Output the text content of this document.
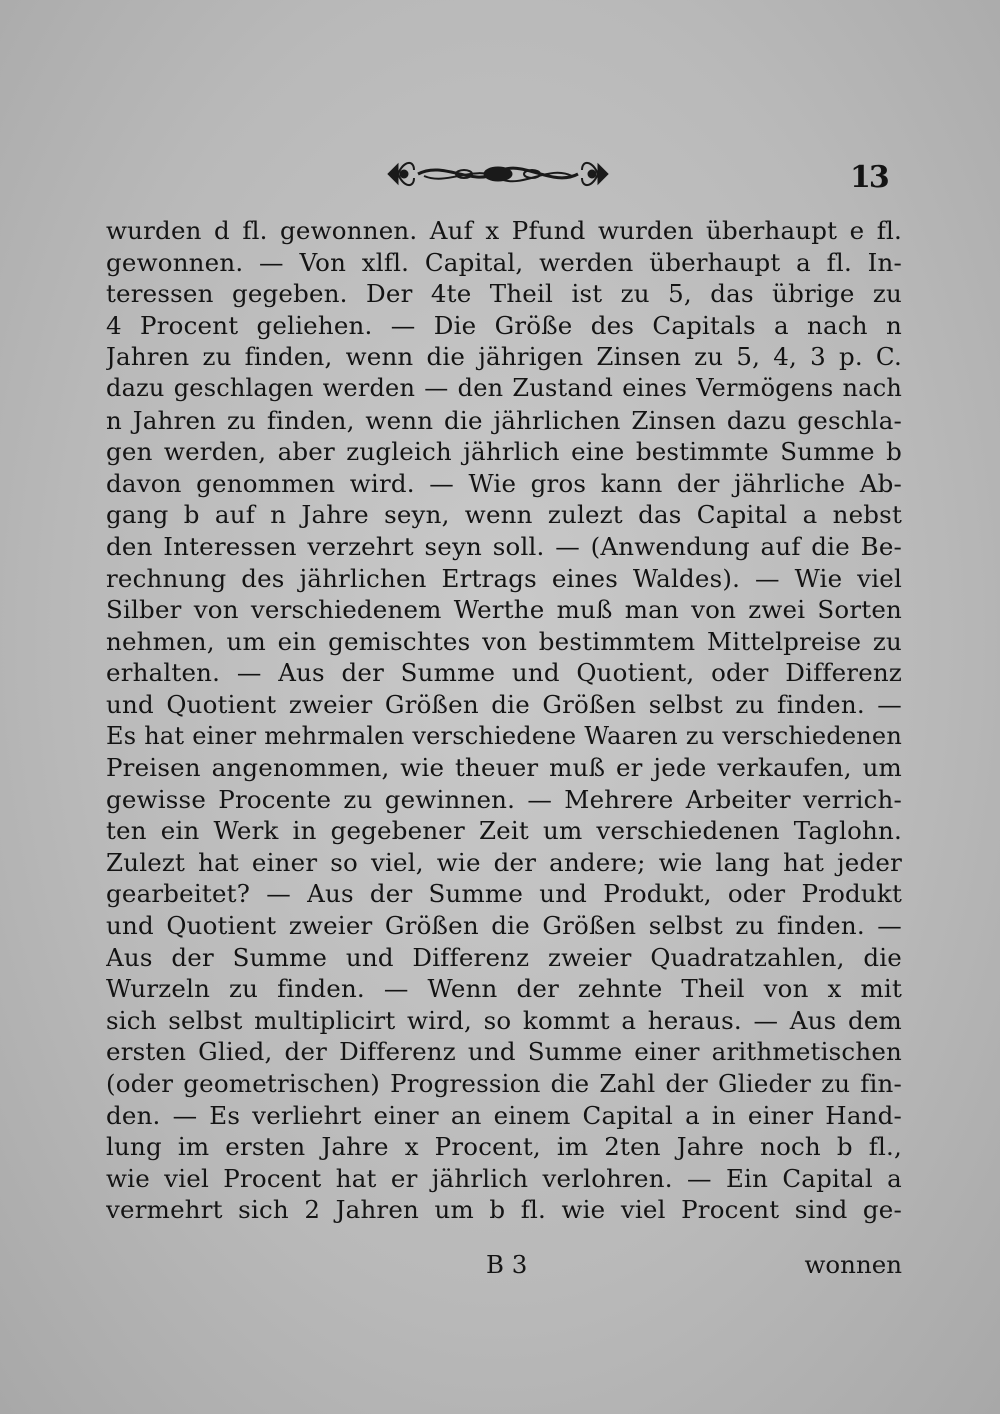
13
wurden d fl. gewonnen. Auf x Pfund wurden überhaupt e fl.
gewonnen. — Von xlfl. Capital, werden überhaupt a fl. In-
teressen gegeben. Der 4te Theil ist zu 5, das übrige zu
4 Procent geliehen. — Die Größe des Capitals a nach n
Jahren zu finden, wenn die jährigen Zinsen zu 5, 4, 3 p. C.
dazu geschlagen werden — den Zustand eines Vermögens nach
n Jahren zu finden, wenn die jährlichen Zinsen dazu geschla-
gen werden, aber zugleich jährlich eine bestimmte Summe b
davon genommen wird. — Wie gros kann der jährliche Ab-
gang b auf n Jahre seyn, wenn zulezt das Capital a nebst
den Interessen verzehrt seyn soll. — (Anwendung auf die Be-
rechnung des jährlichen Ertrags eines Waldes). — Wie viel
Silber von verschiedenem Werthe muß man von zwei Sorten
nehmen, um ein gemischtes von bestimmtem Mittelpreise zu
erhalten. — Aus der Summe und Quotient, oder Differenz
und Quotient zweier Größen die Größen selbst zu finden. —
Es hat einer mehrmalen verschiedene Waaren zu verschiedenen
Preisen angenommen, wie theuer muß er jede verkaufen, um
gewisse Procente zu gewinnen. — Mehrere Arbeiter verrich-
ten ein Werk in gegebener Zeit um verschiedenen Taglohn.
Zulezt hat einer so viel, wie der andere; wie lang hat jeder
gearbeitet? — Aus der Summe und Produkt, oder Produkt
und Quotient zweier Größen die Größen selbst zu finden. —
Aus der Summe und Differenz zweier Quadratzahlen, die
Wurzeln zu finden. — Wenn der zehnte Theil von x mit
sich selbst multiplicirt wird, so kommt a heraus. — Aus dem
ersten Glied, der Differenz und Summe einer arithmetischen
(oder geometrischen) Progression die Zahl der Glieder zu fin-
den. — Es verliehrt einer an einem Capital a in einer Hand-
lung im ersten Jahre x Procent, im 2ten Jahre noch b fl.,
wie viel Procent hat er jährlich verlohren. — Ein Capital a
vermehrt sich 2 Jahren um b fl. wie viel Procent sind ge-
B 3	wonnen
